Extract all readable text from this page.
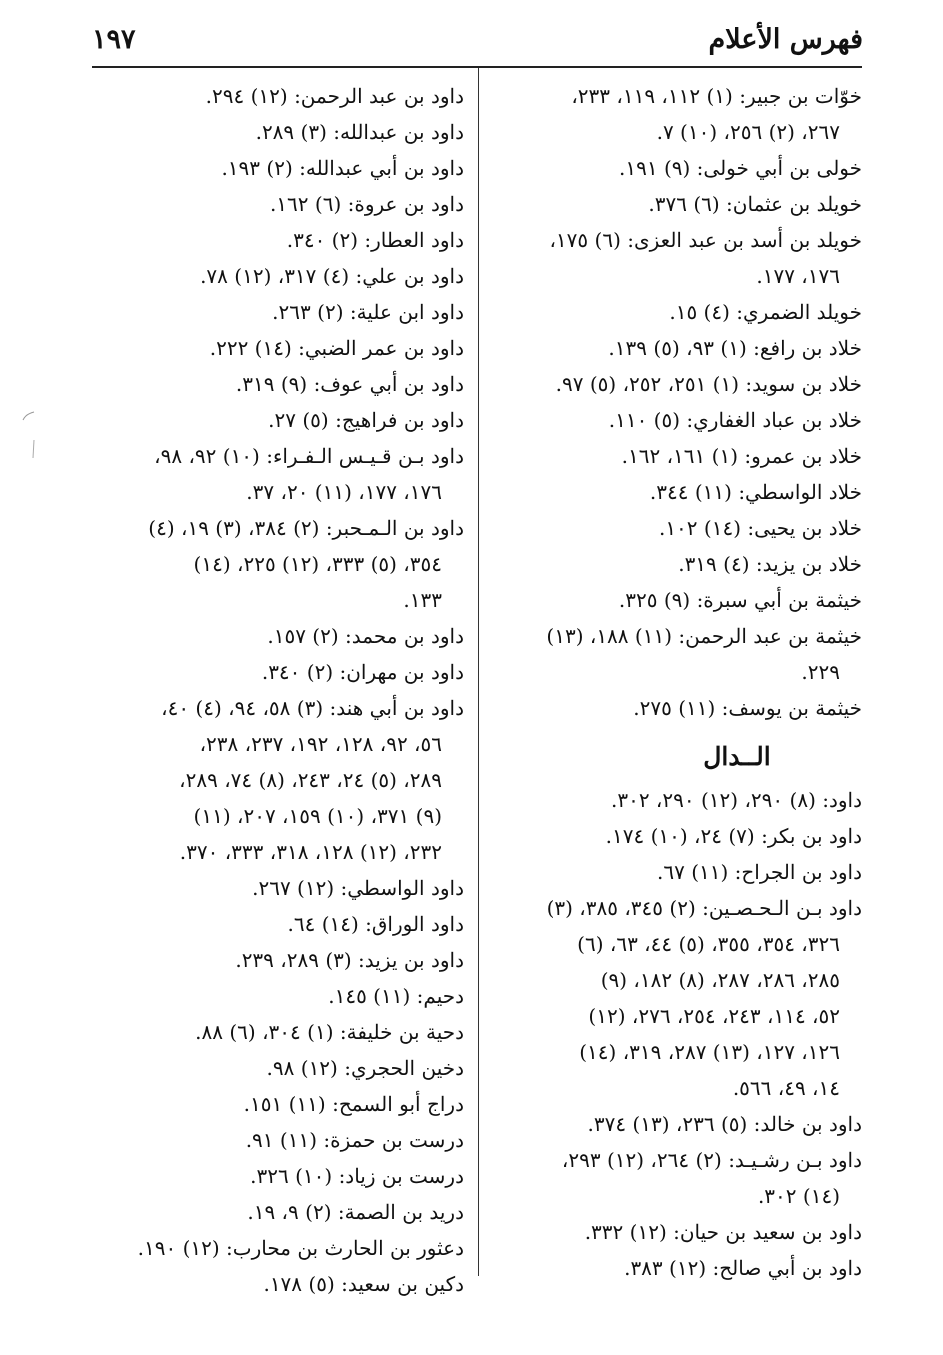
فهرس الأعلام
١٩٧
خوّات بن جبير: (١) ١١٢، ١١٩، ٢٣٣،
٢٦٧، (٢) ٢٥٦، (١٠) ٧.
خولى بن أبي خولى: (٩) ١٩١.
خويلد بن عثمان: (٦) ٣٧٦.
خويلد بن أسد بن عبد العزى: (٦) ١٧٥،
١٧٦، ١٧٧.
خويلد الضمري: (٤) ١٥.
خلاد بن رافع: (١) ٩٣، (٥) ١٣٩.
خلاد بن سويد: (١) ٢٥١، ٢٥٢، (٥) ٩٧.
خلاد بن عباد الغفاري: (٥) ١١٠.
خلاد بن عمرو: (١) ١٦١، ١٦٢.
خلاد الواسطي: (١١) ٣٤٤.
خلاد بن يحيى: (١٤) ١٠٢.
خلاد بن يزيد: (٤) ٣١٩.
خيثمة بن أبي سبرة: (٩) ٣٢٥.
خيثمة بن عبد الرحمن: (١١) ١٨٨، (١٣)
٢٢٩.
خيثمة بن يوسف: (١١) ٢٧٥.
الــدال
داود: (٨) ٢٩٠، (١٢) ٢٩٠، ٣٠٢.
داود بن بكر: (٧) ٢٤، (١٠) ١٧٤.
داود بن الجراح: (١١) ٦٧.
داود بـن الـحـصـين: (٢) ٣٤٥، ٣٨٥، (٣)
٣٢٦، ٣٥٤، ٣٥٥، (٥) ٤٤، ٦٣، (٦)
٢٨٥، ٢٨٦، ٢٨٧، (٨) ١٨٢، (٩)
٥٢، ١١٤، ٢٤٣، ٢٥٤، ٢٧٦، (١٢)
١٢٦، ١٢٧، (١٣) ٢٨٧، ٣١٩، (١٤)
١٤، ٤٩، ٥٦٦.
داود بن خالد: (٥) ٢٣٦، (١٣) ٣٧٤.
داود بـن رشـيـد: (٢) ٢٦٤، (١٢) ٢٩٣،
(١٤) ٣٠٢.
داود بن سعيد بن حيان: (١٢) ٣٣٢.
داود بن أبي صالح: (١٢) ٣٨٣.
داود بن عبد الرحمن: (١٢) ٢٩٤.
داود بن عبدالله: (٣) ٢٨٩.
داود بن أبي عبدالله: (٢) ١٩٣.
داود بن عروة: (٦) ١٦٢.
داود العطار: (٢) ٣٤٠.
داود بن علي: (٤) ٣١٧، (١٢) ٧٨.
داود ابن علية: (٢) ٢٦٣.
داود بن عمر الضبي: (١٤) ٢٢٢.
داود بن أبي عوف: (٩) ٣١٩.
داود بن فراهيج: (٥) ٢٧.
داود بـن قـيـس الـفـراء: (١٠) ٩٢، ٩٨،
١٧٦، ١٧٧، (١١) ٢٠، ٣٧.
داود بن الـمـحبر: (٢) ٣٨٤، (٣) ١٩، (٤)
٣٥٤، (٥) ٣٣٣، (١٢) ٢٢٥، (١٤)
١٣٣.
داود بن محمد: (٢) ١٥٧.
داود بن مهران: (٢) ٣٤٠.
داود بن أبي هند: (٣) ٥٨، ٩٤، (٤) ٤٠،
٥٦، ٩٢، ١٢٨، ١٩٢، ٢٣٧، ٢٣٨،
٢٨٩، (٥) ٢٤، ٢٤٣، (٨) ٧٤، ٢٨٩،
(٩) ٣٧١، (١٠) ١٥٩، ٢٠٧، (١١)
٢٣٢، (١٢) ١٢٨، ٣١٨، ٣٣٣، ٣٧٠.
داود الواسطي: (١٢) ٢٦٧.
داود الوراق: (١٤) ٦٤.
داود بن يزيد: (٣) ٢٨٩، ٢٣٩.
دحيم: (١١) ١٤٥.
دحية بن خليفة: (١) ٣٠٤، (٦) ٨٨.
دخين الحجري: (١٢) ٩٨.
دراج أبو السمح: (١١) ١٥١.
درست بن حمزة: (١١) ٩١.
درست بن زياد: (١٠) ٣٢٦.
دريد بن الصمة: (٢) ٩، ١٩.
دعثور بن الحارث بن محارب: (١٢) ١٩٠.
دكين بن سعيد: (٥) ١٧٨.
